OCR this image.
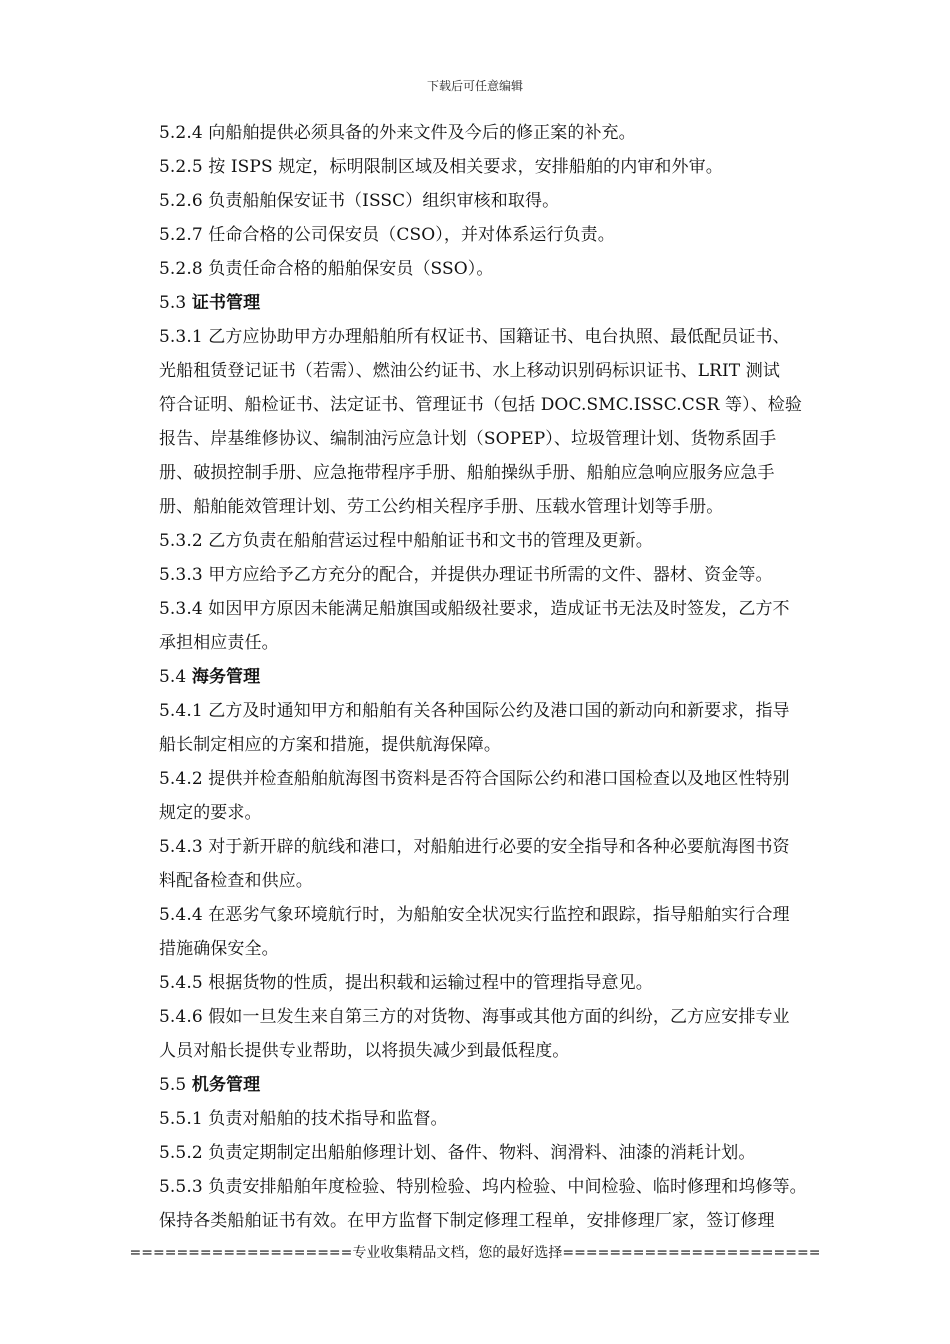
下载后可任意编辑
5.2.4 向船舶提供必须具备的外来文件及今后的修正案的补充。
5.2.5 按 ISPS 规定，标明限制区域及相关要求，安排船舶的内审和外审。
5.2.6 负责船舶保安证书（ISSC）组织审核和取得。
5.2.7 任命合格的公司保安员（CSO），并对体系运行负责。
5.2.8 负责任命合格的船舶保安员（SSO）。
5.3 证书管理
5.3.1 乙方应协助甲方办理船舶所有权证书、国籍证书、电台执照、最低配员证书、
光船租赁登记证书（若需）、燃油公约证书、水上移动识别码标识证书、LRIT 测试
符合证明、船检证书、法定证书、管理证书（包括 DOC.SMC.ISSC.CSR 等）、检验
报告、岸基维修协议、编制油污应急计划（SOPEP）、垃圾管理计划、货物系固手
册、破损控制手册、应急拖带程序手册、船舶操纵手册、船舶应急响应服务应急手
册、船舶能效管理计划、劳工公约相关程序手册、压载水管理计划等手册。
5.3.2 乙方负责在船舶营运过程中船舶证书和文书的管理及更新。
5.3.3 甲方应给予乙方充分的配合，并提供办理证书所需的文件、器材、资金等。
5.3.4 如因甲方原因未能满足船旗国或船级社要求，造成证书无法及时签发，乙方不
承担相应责任。
5.4 海务管理
5.4.1 乙方及时通知甲方和船舶有关各种国际公约及港口国的新动向和新要求，指导
船长制定相应的方案和措施，提供航海保障。
5.4.2 提供并检查船舶航海图书资料是否符合国际公约和港口国检查以及地区性特别
规定的要求。
5.4.3 对于新开辟的航线和港口，对船舶进行必要的安全指导和各种必要航海图书资
料配备检查和供应。
5.4.4 在恶劣气象环境航行时，为船舶安全状况实行监控和跟踪，指导船舶实行合理
措施确保安全。
5.4.5 根据货物的性质，提出积载和运输过程中的管理指导意见。
5.4.6 假如一旦发生来自第三方的对货物、海事或其他方面的纠纷，乙方应安排专业
人员对船长提供专业帮助，以将损失减少到最低程度。
5.5 机务管理
5.5.1 负责对船舶的技术指导和监督。
5.5.2 负责定期制定出船舶修理计划、备件、物料、润滑料、油漆的消耗计划。
5.5.3 负责安排船舶年度检验、特别检验、坞内检验、中间检验、临时修理和坞修等。
保持各类船舶证书有效。在甲方监督下制定修理工程单，安排修理厂家，签订修理
===================专业收集精品文档，您的最好选择======================
